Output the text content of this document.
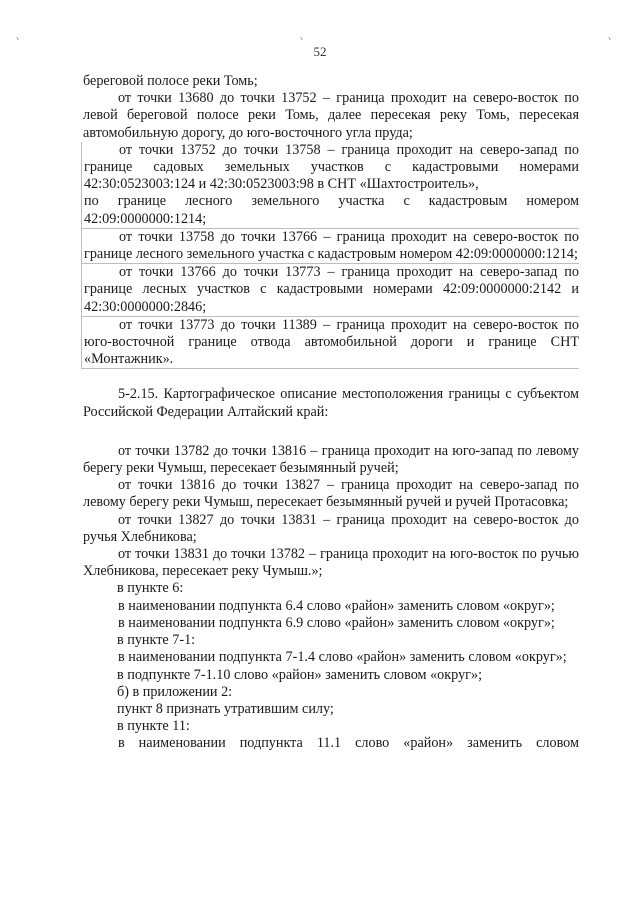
52

береговой полосе реки Томь;

от точки 13680 до точки 13752 – граница проходит на северо-восток по левой береговой полосе реки Томь, далее пересекая реку Томь, пересекая автомобильную дорогу, до юго-восточного угла пруда;

от точки 13752 до точки 13758 – граница проходит на северо-запад по границе садовых земельных участков с кадастровыми номерами 42:30:0523003:124 и 42:30:0523003:98 в СНТ «Шахтостроитель»,

по границе лесного земельного участка с кадастровым номером 42:09:0000000:1214;

от точки 13758 до точки 13766 – граница проходит на северо-восток по границе лесного земельного участка с кадастровым номером 42:09:0000000:1214;

от точки 13766 до точки 13773 – граница проходит на северо-запад по границе лесных участков с кадастровыми номерами 42:09:0000000:2142 и 42:30:0000000:2846;

от точки 13773 до точки 11389 – граница проходит на северо-восток по юго-восточной границе отвода автомобильной дороги и границе СНТ «Монтажник».

5-2.15. Картографическое описание местоположения границы с субъектом Российской Федерации Алтайский край:

от точки 13782 до точки 13816 – граница проходит на юго-запад по левому берегу реки Чумыш, пересекает безымянный ручей;

от точки 13816 до точки 13827 – граница проходит на северо-запад по левому берегу реки Чумыш, пересекает безымянный ручей и ручей Протасовка;

от точки 13827 до точки 13831 – граница проходит на северо-восток до ручья Хлебникова;

от точки 13831 до точки 13782 – граница проходит на юго-восток по ручью Хлебникова, пересекает реку Чумыш.»;

в пункте 6:

в наименовании подпункта 6.4 слово «район» заменить словом «округ»;

в наименовании подпункта 6.9 слово «район» заменить словом «округ»;

в пункте 7-1:

в наименовании подпункта 7-1.4 слово «район» заменить словом «округ»;

в подпункте 7-1.10 слово «район» заменить словом «округ»;

б) в приложении 2:

пункт 8 признать утратившим силу;

в пункте 11:

в наименовании подпункта 11.1 слово «район» заменить словом
